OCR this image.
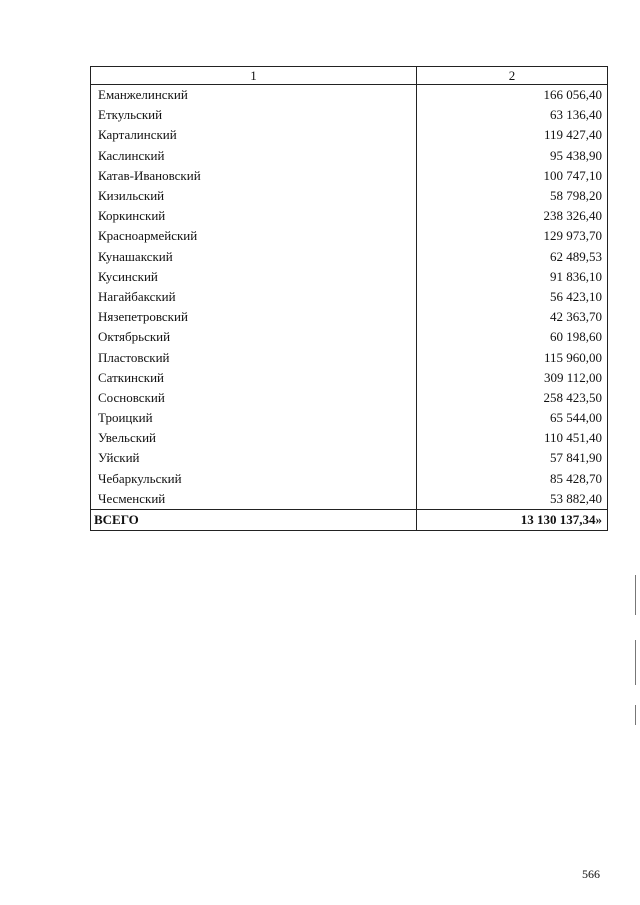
1	2
Еманжелинский	166 056,40
Еткульский	63 136,40
Карталинский	119 427,40
Каслинский	95 438,90
Катав-Ивановский	100 747,10
Кизильский	58 798,20
Коркинский	238 326,40
Красноармейский	129 973,70
Кунашакский	62 489,53
Кусинский	91 836,10
Нагайбакский	56 423,10
Нязепетровский	42 363,70
Октябрьский	60 198,60
Пластовский	115 960,00
Саткинский	309 112,00
Сосновский	258 423,50
Троицкий	65 544,00
Увельский	110 451,40
Уйский	57 841,90
Чебаркульский	85 428,70
Чесменский	53 882,40
ВСЕГО	13 130 137,34»
566
